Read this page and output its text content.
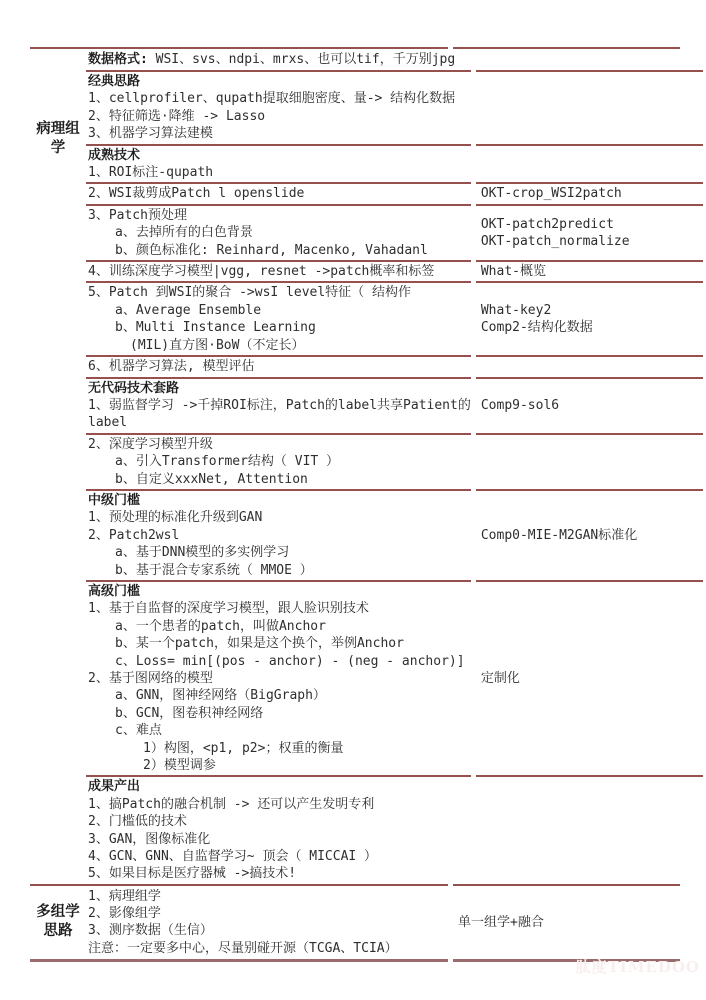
病理组
学
数据格式: WSI、svs、ndpi、mrxs、也可以tif，千万别jpg
经典思路
1、cellprofiler、qupath提取细胞密度、量-> 结构化数据
2、特征筛选·降维 -> Lasso
3、机器学习算法建模
成熟技术
1、ROI标注-qupath
2、WSI裁剪成Patch l openslide	OKT-crop_WSI2patch
3、Patch预处理
a、去掉所有的白色背景
b、颜色标准化: Reinhard, Macenko, Vahadanl
OKT-patch2predict
OKT-patch_normalize
4、训练深度学习模型|vgg, resnet ->patch概率和标签	What-概览
5、Patch 到WSI的聚合 ->wsI level特征（ 结构作
a、Average Ensemble
b、Multi Instance Learning
(MIL)直方图·BoW（不定长）
What-key2
Comp2-结构化数据
6、机器学习算法, 模型评估
无代码技术套路
1、弱监督学习 ->千掉ROI标注，Patch的label共享Patient的
label
Comp9-sol6
2、深度学习模型升级
a、引入Transformer结构（ VIT ）
b、自定义xxxNet, Attention
中级门槛
1、预处理的标准化升级到GAN
2、Patch2wsl
a、基于DNN模型的多实例学习
b、基于混合专家系统（ MMOE ）
Comp0-MIE-M2GAN标准化
高级门槛
1、基于自监督的深度学习模型，跟人脸识别技术
a、一个患者的patch，叫做Anchor
b、某一个patch，如果是这个换个，举例Anchor
c、Loss= min[(pos - anchor) - (neg - anchor)]
2、基于图网络的模型
a、GNN，图神经网络（BigGraph）
b、GCN，图卷积神经网络
c、难点
1）构图，<p1, p2>；权重的衡量
2）模型调参
定制化
成果产出
1、搞Patch的融合机制 -> 还可以产生发明专利
2、门槛低的技术
3、GAN，图像标准化
4、GCN、GNN、自监督学习~ 顶会（ MICCAI ）
5、如果目标是医疗器械 ->搞技术!
多组学
思路
1、病理组学
2、影像组学
3、测序数据（生信）
注意：一定要多中心，尽量别碰开源（TCGA、TCIA）
单一组学+融合
肽度TIMEDOO
